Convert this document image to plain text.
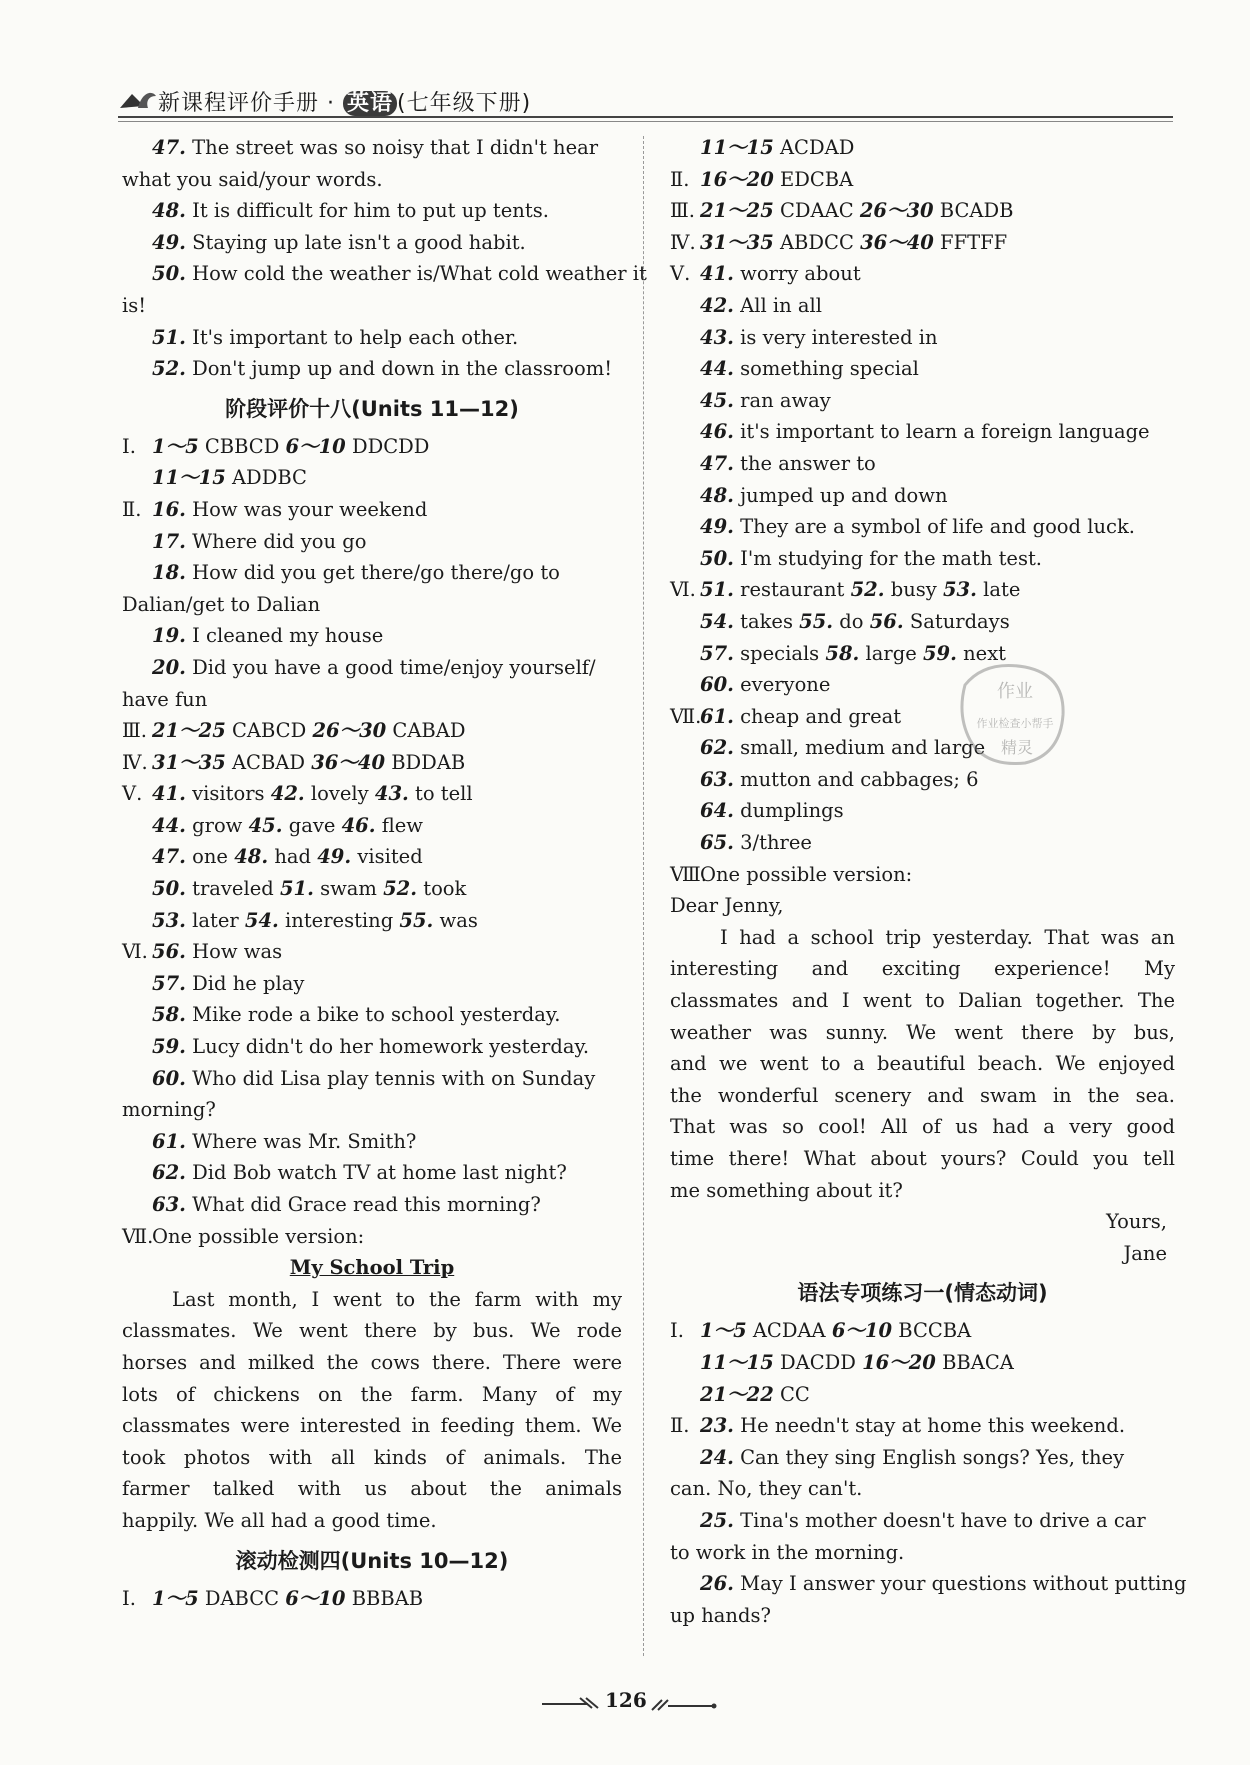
新课程评价手册 · 英语 (七年级下册)
47. The street was so noisy that I didn't hear
what you said/your words.
48. It is difficult for him to put up tents.
49. Staying up late isn't a good habit.
50. How cold the weather is/What cold weather it
is!
51. It's important to help each other.
52. Don't jump up and down in the classroom!
阶段评价十八(Units 11—12)
Ⅰ. 1～5 CBBCD 6～10 DDCDD
11～15 ADDBC
Ⅱ. 16. How was your weekend
17. Where did you go
18. How did you get there/go there/go to
Dalian/get to Dalian
19. I cleaned my house
20. Did you have a good time/enjoy yourself/
have fun
Ⅲ. 21～25 CABCD 26～30 CABAD
Ⅳ. 31～35 ACBAD 36～40 BDDAB
Ⅴ. 41. visitors 42. lovely 43. to tell
44. grow 45. gave 46. flew
47. one 48. had 49. visited
50. traveled 51. swam 52. took
53. later 54. interesting 55. was
Ⅵ. 56. How was
57. Did he play
58. Mike rode a bike to school yesterday.
59. Lucy didn't do her homework yesterday.
60. Who did Lisa play tennis with on Sunday
morning?
61. Where was Mr. Smith?
62. Did Bob watch TV at home last night?
63. What did Grace read this morning?
Ⅶ.One possible version:
My School Trip
Last month, I went to the farm with my
classmates. We went there by bus. We rode
horses and milked the cows there. There were
lots of chickens on the farm. Many of my
classmates were interested in feeding them. We
took photos with all kinds of animals. The
farmer talked with us about the animals
happily. We all had a good time.
滚动检测四(Units 10—12)
Ⅰ. 1～5 DABCC 6～10 BBBAB
11～15 ACDAD
Ⅱ. 16～20 EDCBA
Ⅲ. 21～25 CDAAC 26～30 BCADB
Ⅳ. 31～35 ABDCC 36～40 FFTFF
Ⅴ. 41. worry about
42. All in all
43. is very interested in
44. something special
45. ran away
46. it's important to learn a foreign language
47. the answer to
48. jumped up and down
49. They are a symbol of life and good luck.
50. I'm studying for the math test.
Ⅵ. 51. restaurant 52. busy 53. late
54. takes 55. do 56. Saturdays
57. specials 58. large 59. next
60. everyone
Ⅶ.61. cheap and great
62. small, medium and large
63. mutton and cabbages; 6
64. dumplings
65. 3/three
Ⅷ.One possible version:
Dear Jenny,
I had a school trip yesterday. That was an
interesting and exciting experience! My
classmates and I went to Dalian together. The
weather was sunny. We went there by bus,
and we went to a beautiful beach. We enjoyed
the wonderful scenery and swam in the sea.
That was so cool! All of us had a very good
time there! What about yours? Could you tell
me something about it?
Yours,
Jane
语法专项练习一(情态动词)
Ⅰ. 1～5 ACDAA 6～10 BCCBA
11～15 DACDD 16～20 BBACA
21～22 CC
Ⅱ. 23. He needn't stay at home this weekend.
24. Can they sing English songs? Yes, they
can. No, they can't.
25. Tina's mother doesn't have to drive a car
to work in the morning.
26. May I answer your questions without putting
up hands?
作业
作业检查小帮手
精灵
126
